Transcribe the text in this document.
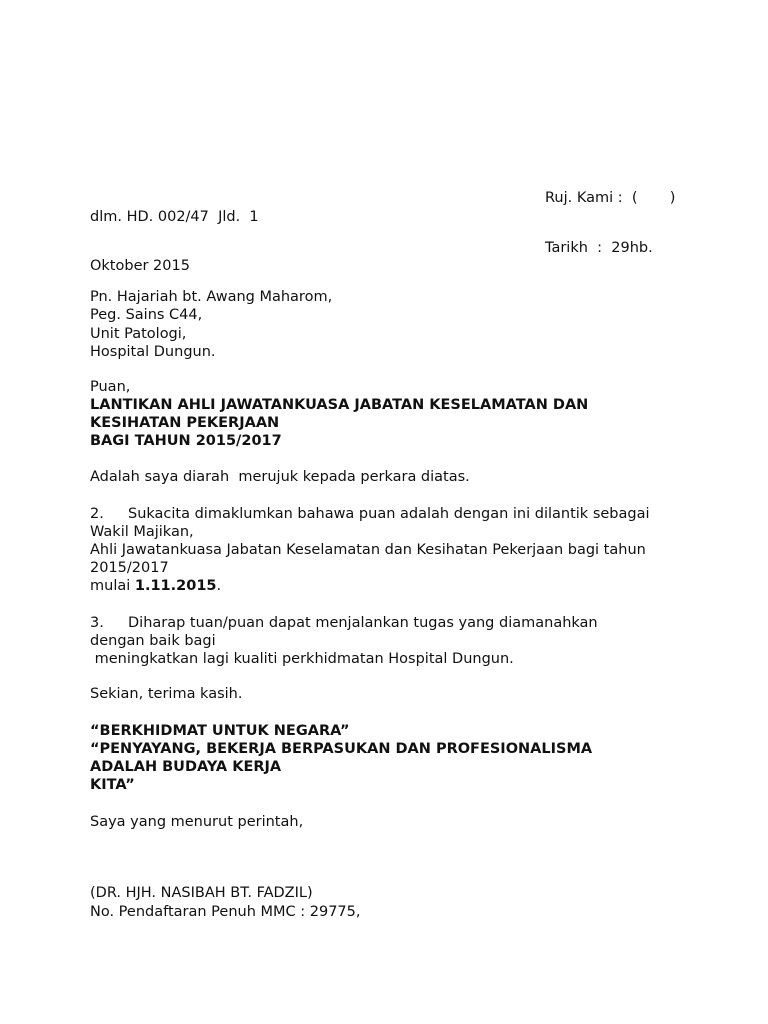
Ruj. Kami :  (       )
dlm. HD. 002/47  Jld.  1
Tarikh  :  29hb.
Oktober 2015
Pn. Hajariah bt. Awang Maharom,
Peg. Sains C44,
Unit Patologi,
Hospital Dungun.
Puan,
LANTIKAN AHLI JAWATANKUASA JABATAN KESELAMATAN DAN
KESIHATAN PEKERJAAN
BAGI TAHUN 2015/2017
Adalah saya diarah  merujuk kepada perkara diatas.
2. Sukacita dimaklumkan bahawa puan adalah dengan ini dilantik sebagai
Wakil Majikan,
Ahli Jawatankuasa Jabatan Keselamatan dan Kesihatan Pekerjaan bagi tahun
2015/2017
mulai 1.11.2015.
3. Diharap tuan/puan dapat menjalankan tugas yang diamanahkan
dengan baik bagi
meningkatkan lagi kualiti perkhidmatan Hospital Dungun.
Sekian, terima kasih.
“BERKHIDMAT UNTUK NEGARA”
“PENYAYANG, BEKERJA BERPASUKAN DAN PROFESIONALISMA
ADALAH BUDAYA KERJA
KITA”
Saya yang menurut perintah,
(DR. HJH. NASIBAH BT. FADZIL)
No. Pendaftaran Penuh MMC : 29775,
